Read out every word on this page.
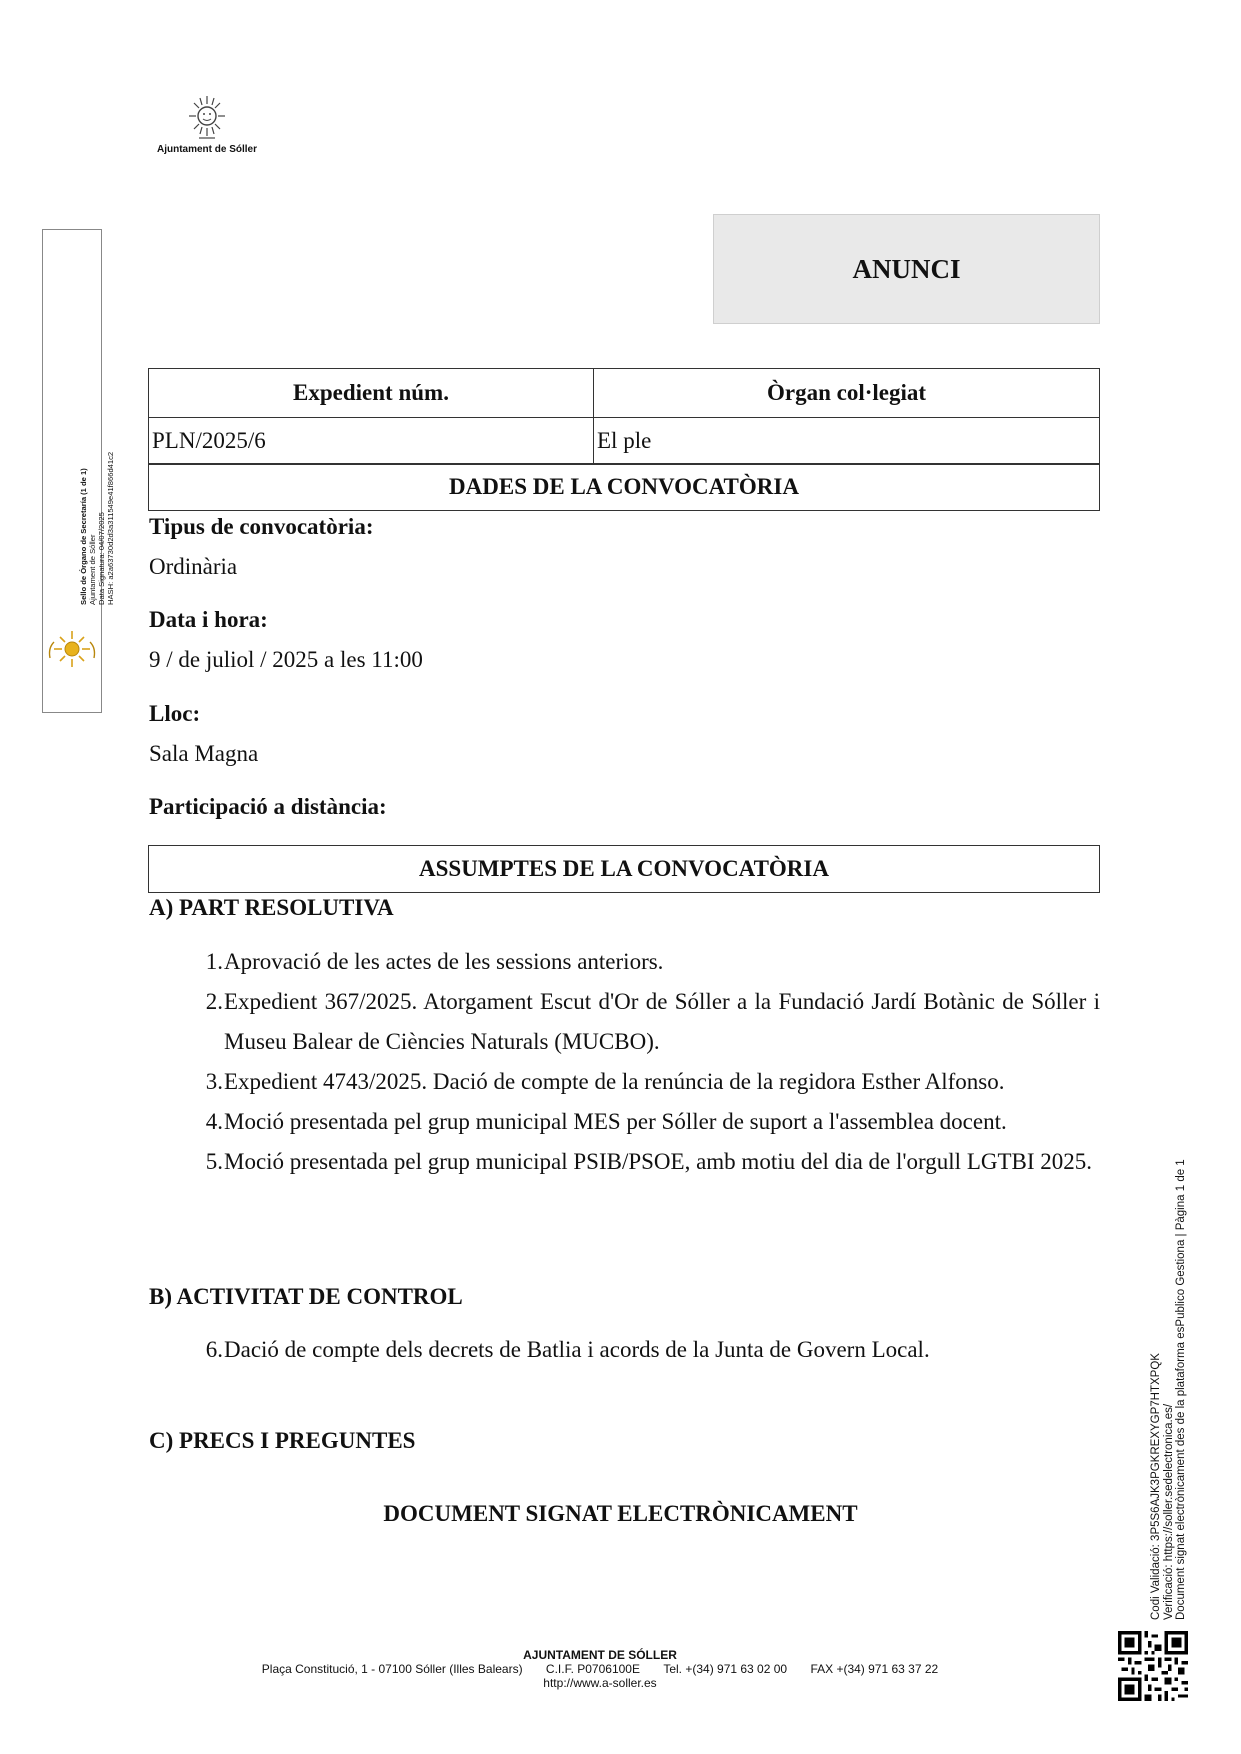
Ajuntament de Sóller
Sello de Órgano de Secretaría (1 de 1) Ajuntament de Sóller Data Signatura: 04/07/2025 HASH: a2a63730d2d3a311549e41f866d41c2
ANUNCI
Expedient núm.	Òrgan col·legiat
PLN/2025/6	El ple
DADES DE LA CONVOCATÒRIA
Tipus de convocatòria:
Ordinària
Data i hora:
9 / de juliol / 2025 a les 11:00
Lloc:
Sala Magna
Participació a distància:
ASSUMPTES DE LA CONVOCATÒRIA
A) PART RESOLUTIVA
1. Aprovació de les actes de les sessions anteriors.
2. Expedient 367/2025. Atorgament Escut d'Or de Sóller a la Fundació Jardí Botànic de Sóller i Museu Balear de Ciències Naturals (MUCBO).
3. Expedient 4743/2025. Dació de compte de la renúncia de la regidora Esther Alfonso.
4. Moció presentada pel grup municipal MES per Sóller de suport a l'assemblea docent.
5. Moció presentada pel grup municipal PSIB/PSOE, amb motiu del dia de l'orgull LGTBI 2025.
B) ACTIVITAT DE CONTROL
6. Dació de compte dels decrets de Batlia i acords de la Junta de Govern Local.
C) PRECS I PREGUNTES
DOCUMENT SIGNAT ELECTRÒNICAMENT
AJUNTAMENT DE SÓLLER
Plaça Constitució, 1 - 07100 Sóller (Illes Balears) C.I.F. P0706100E Tel. +(34) 971 63 02 00 FAX +(34) 971 63 37 22
http://www.a-soller.es
Codi Validació: 3P5S6AJK3PGKREXYGP7HTXPQK Verificació: https://soller.sedelectronica.es/ Document signat electrònicament des de la plataforma esPublico Gestiona | Pàgina 1 de 1
